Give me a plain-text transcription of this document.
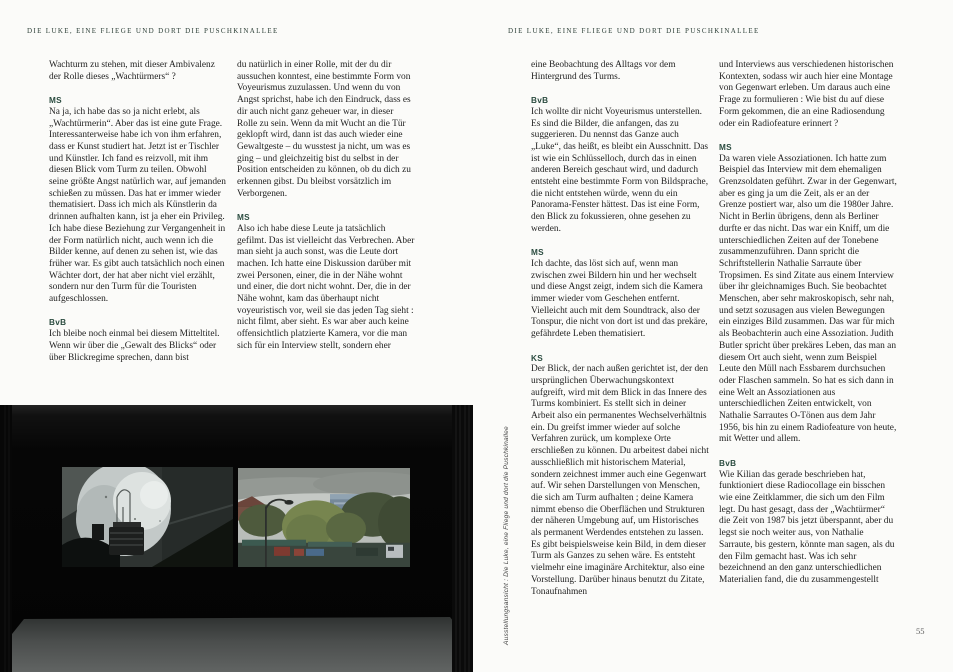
DIE LUKE, EINE FLIEGE UND DORT DIE PUSCHKINALLEE	DIE LUKE, EINE FLIEGE UND DORT DIE PUSCHKINALLEE
Wachturm zu stehen, mit dieser Ambivalenz der Rolle dieses „Wachtürmers“ ?
MS
Na ja, ich habe das so ja nicht erlebt, als „Wachtürmerin“. Aber das ist eine gute Frage. Interessanterweise habe ich von ihm erfahren, dass er Kunst studiert hat. Jetzt ist er Tischler und Künstler. Ich fand es reizvoll, mit ihm diesen Blick vom Turm zu teilen. Obwohl seine größte Angst natürlich war, auf jemanden schießen zu müssen. Das hat er immer wieder thematisiert. Dass ich mich als Künstlerin da drinnen aufhalten kann, ist ja eher ein Privileg. Ich habe diese Beziehung zur Vergangenheit in der Form natürlich nicht, auch wenn ich die Bilder kenne, auf denen zu sehen ist, wie das früher war. Es gibt auch tatsächlich noch einen Wächter dort, der hat aber nicht viel erzählt, sondern nur den Turm für die Touristen aufgeschlossen.
BvB
Ich bleibe noch einmal bei diesem Mitteltitel. Wenn wir über die „Gewalt des Blicks“ oder über Blickregime sprechen, dann bist
du natürlich in einer Rolle, mit der du dir aussuchen konntest, eine bestimmte Form von Voyeurismus zuzulassen. Und wenn du von Angst sprichst, habe ich den Eindruck, dass es dir auch nicht ganz geheuer war, in dieser Rolle zu sein. Wenn da mit Wucht an die Tür geklopft wird, dann ist das auch wieder eine Gewaltgeste – du wusstest ja nicht, um was es ging – und gleichzeitig bist du selbst in der Position entscheiden zu können, ob du dich zu erkennen gibst. Du bleibst vorsätzlich im Verborgenen.
MS
Also ich habe diese Leute ja tatsächlich gefilmt. Das ist vielleicht das Verbrechen. Aber man sieht ja auch sonst, was die Leute dort machen. Ich hatte eine Diskussion darüber mit zwei Personen, einer, die in der Nähe wohnt und einer, die dort nicht wohnt. Der, die in der Nähe wohnt, kam das überhaupt nicht voyeuristisch vor, weil sie das jeden Tag sieht : nicht filmt, aber sieht. Es war aber auch keine offensichtlich platzierte Kamera, vor die man sich für ein Interview stellt, sondern eher
eine Beobachtung des Alltags vor dem Hintergrund des Turms.
BvB
Ich wollte dir nicht Voyeurismus unterstellen. Es sind die Bilder, die anfangen, das zu suggerieren. Du nennst das Ganze auch „Luke“, das heißt, es bleibt ein Ausschnitt. Das ist wie ein Schlüsselloch, durch das in einen anderen Bereich geschaut wird, und dadurch entsteht eine bestimmte Form von Bildsprache, die nicht entstehen würde, wenn du ein Panorama-Fenster hättest. Das ist eine Form, den Blick zu fokussieren, ohne gesehen zu werden.
MS
Ich dachte, das löst sich auf, wenn man zwischen zwei Bildern hin und her wechselt und diese Angst zeigt, indem sich die Kamera immer wieder vom Geschehen entfernt. Vielleicht auch mit dem Soundtrack, also der Tonspur, die nicht von dort ist und das prekäre, gefährdete Leben thematisiert.
KS
Der Blick, der nach außen gerichtet ist, der den ursprünglichen Überwachungskontext aufgreift, wird mit dem Blick in das Innere des Turms kombiniert. Es stellt sich in deiner Arbeit also ein permanentes Wechselverhältnis ein. Du greifst immer wieder auf solche Verfahren zurück, um komplexe Orte erschließen zu können. Du arbeitest dabei nicht ausschließlich mit historischem Material, sondern zeichnest immer auch eine Gegenwart auf. Wir sehen Darstellungen von Menschen, die sich am Turm aufhalten ; deine Kamera nimmt ebenso die Oberflächen und Strukturen der näheren Umgebung auf, um Historisches als permanent Werdendes entstehen zu lassen. Es gibt beispielsweise kein Bild, in dem dieser Turm als Ganzes zu sehen wäre. Es entsteht vielmehr eine imaginäre Architektur, also eine Vorstellung. Darüber hinaus benutzt du Zitate, Tonaufnahmen
und Interviews aus verschiedenen historischen Kontexten, sodass wir auch hier eine Montage von Gegenwart erleben. Um daraus auch eine Frage zu formulieren : Wie bist du auf diese Form gekommen, die an eine Radiosendung oder ein Radiofeature erinnert ?
MS
Da waren viele Assoziationen. Ich hatte zum Beispiel das Interview mit dem ehemaligen Grenzsoldaten geführt. Zwar in der Gegenwart, aber es ging ja um die Zeit, als er an der Grenze postiert war, also um die 1980er Jahre. Nicht in Berlin übrigens, denn als Berliner durfte er das nicht. Das war ein Kniff, um die unterschiedlichen Zeiten auf der Tonebene zusammenzuführen. Dann spricht die Schriftstellerin Nathalie Sarraute über Tropsimen. Es sind Zitate aus einem Interview über ihr gleichnamiges Buch. Sie beobachtet Menschen, aber sehr makroskopisch, sehr nah, und setzt sozusagen aus vielen Bewegungen ein einziges Bild zusammen. Das war für mich als Beobachterin auch eine Assoziation. Judith Butler spricht über prekäres Leben, das man an diesem Ort auch sieht, wenn zum Beispiel Leute den Müll nach Essbarem durchsuchen oder Flaschen sammeln. So hat es sich dann in eine Welt an Assoziationen aus unterschiedlichen Zeiten entwickelt, von Nathalie Sarrautes O-Tönen aus dem Jahr 1956, bis hin zu einem Radiofeature von heute, mit Wetter und allem.
BvB
Wie Kilian das gerade beschrieben hat, funktioniert diese Radiocollage ein bisschen wie eine Zeitklammer, die sich um den Film legt. Du hast gesagt, dass der „Wachtürmer“ die Zeit von 1987 bis jetzt überspannt, aber du legst sie noch weiter aus, von Nathalie Sarraute, bis gestern, könnte man sagen, als du den Film gemacht hast. Was ich sehr bezeichnend an den ganz unterschiedlichen Materialien fand, die du zusammengestellt
Ausstellungsansicht : Die Luke, eine Fliege und dort die Puschkinallee	55
